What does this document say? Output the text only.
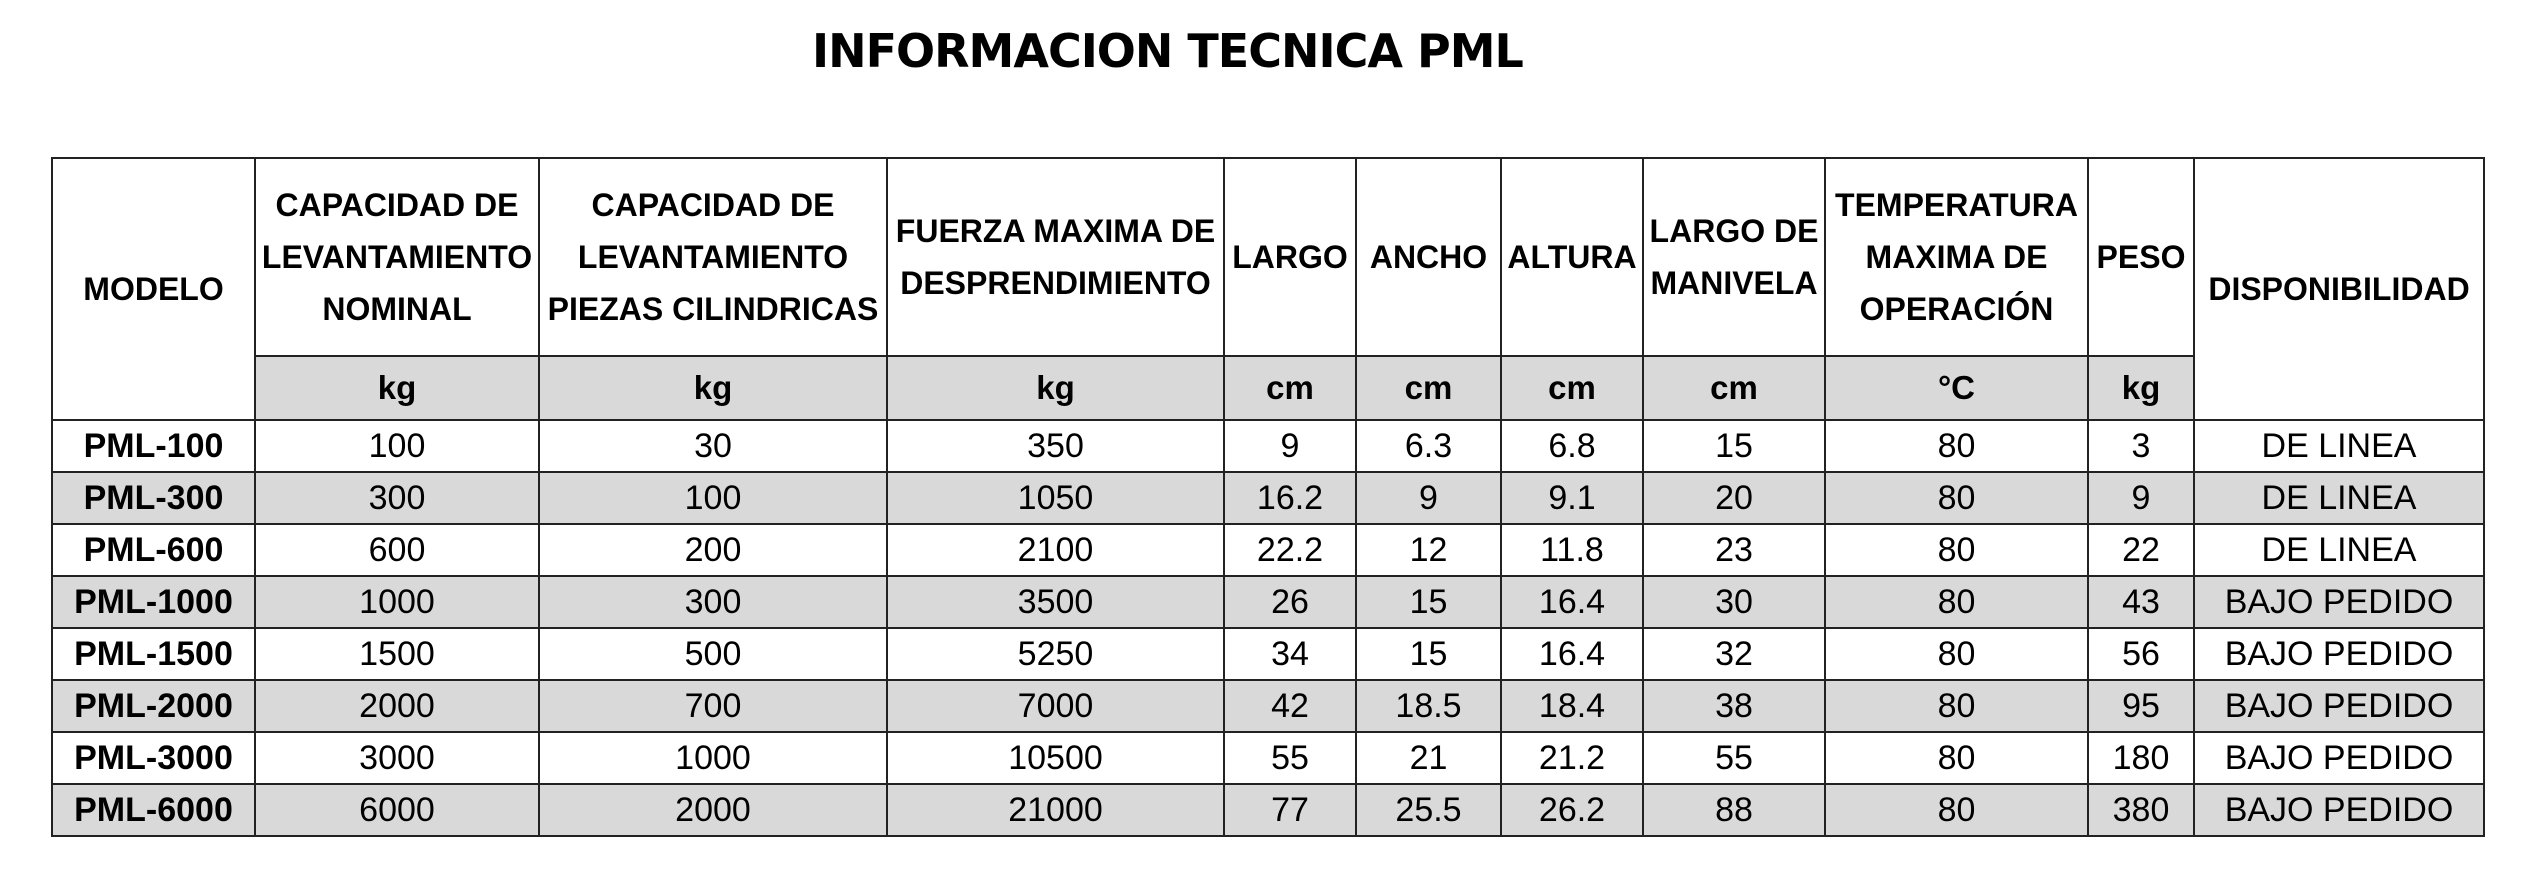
INFORMACION TECNICA PML
MODELO	CAPACIDAD DE LEVANTAMIENTO NOMINAL	CAPACIDAD DE LEVANTAMIENTO PIEZAS CILINDRICAS	FUERZA MAXIMA DE DESPRENDIMIENTO	LARGO	ANCHO	ALTURA	LARGO DE MANIVELA	TEMPERATURA MAXIMA DE OPERACIÓN	PESO	DISPONIBILIDAD
	kg	kg	kg	cm	cm	cm	cm	°C	kg	
PML-100	100	30	350	9	6.3	6.8	15	80	3	DE LINEA
PML-300	300	100	1050	16.2	9	9.1	20	80	9	DE LINEA
PML-600	600	200	2100	22.2	12	11.8	23	80	22	DE LINEA
PML-1000	1000	300	3500	26	15	16.4	30	80	43	BAJO PEDIDO
PML-1500	1500	500	5250	34	15	16.4	32	80	56	BAJO PEDIDO
PML-2000	2000	700	7000	42	18.5	18.4	38	80	95	BAJO PEDIDO
PML-3000	3000	1000	10500	55	21	21.2	55	80	180	BAJO PEDIDO
PML-6000	6000	2000	21000	77	25.5	26.2	88	80	380	BAJO PEDIDO
